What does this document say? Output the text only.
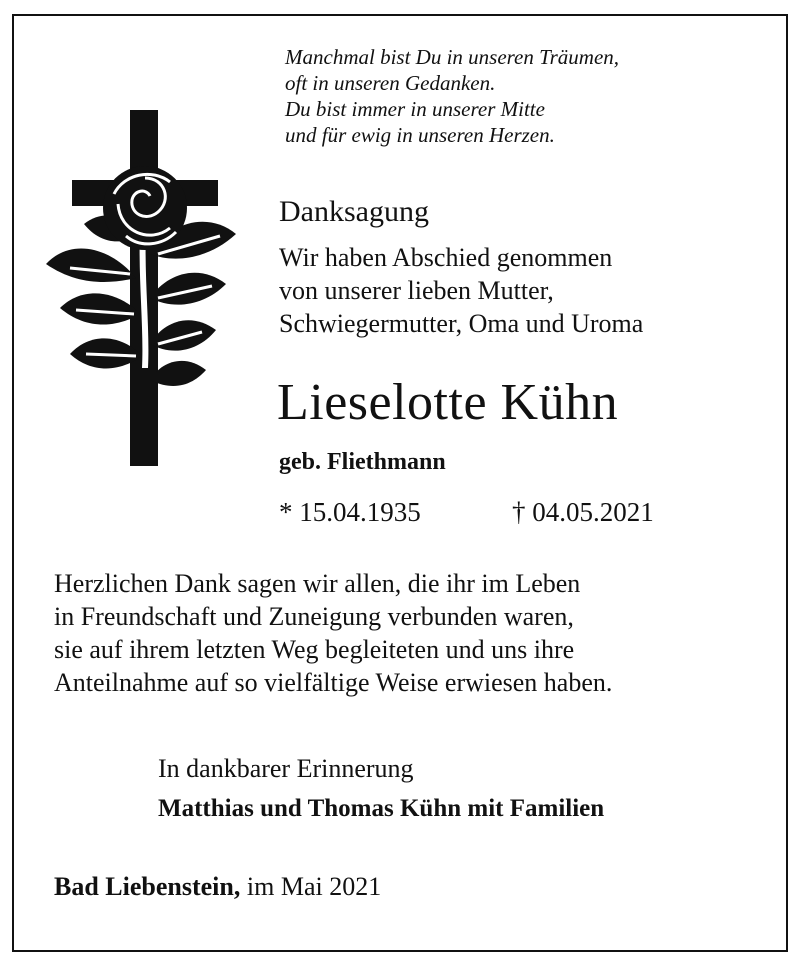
Manchmal bist Du in unseren Träumen,
oft in unseren Gedanken.
Du bist immer in unserer Mitte
und für ewig in unseren Herzen.
Danksagung
Wir haben Abschied genommen
von unserer lieben Mutter,
Schwiegermutter, Oma und Uroma
Lieselotte Kühn
geb. Fliethmann
* 15.04.1935	† 04.05.2021
Herzlichen Dank sagen wir allen, die ihr im Leben
in Freundschaft und Zuneigung verbunden waren,
sie auf ihrem letzten Weg begleiteten und uns ihre
Anteilnahme auf so vielfältige Weise erwiesen haben.
In dankbarer Erinnerung
Matthias und Thomas Kühn mit Familien
Bad Liebenstein, im Mai 2021
